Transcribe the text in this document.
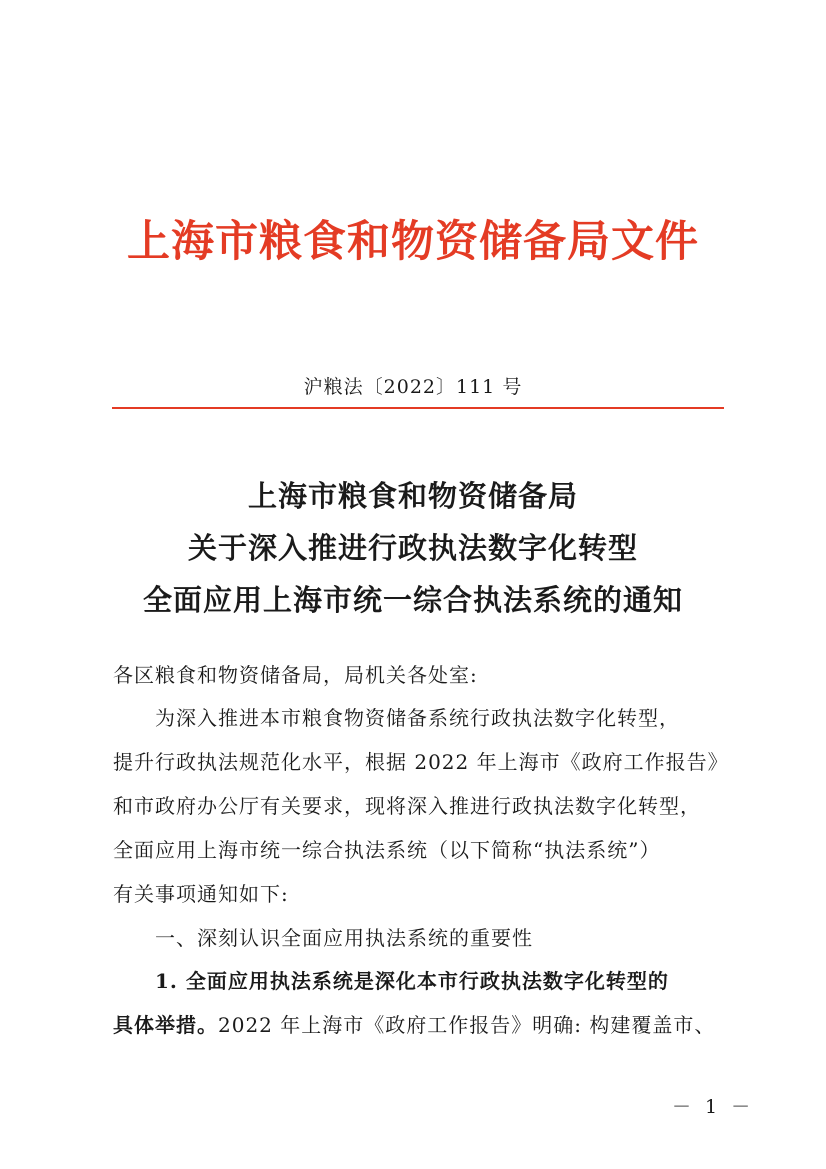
上海市粮食和物资储备局文件
沪粮法〔2022〕111 号
上海市粮食和物资储备局
关于深入推进行政执法数字化转型
全面应用上海市统一综合执法系统的通知
各区粮食和物资储备局，局机关各处室:
为深入推进本市粮食物资储备系统行政执法数字化转型，
提升行政执法规范化水平，根据 2022 年上海市《政府工作报告》
和市政府办公厅有关要求，现将深入推进行政执法数字化转型，
全面应用上海市统一综合执法系统（以下简称“执法系统”）
有关事项通知如下:
一、深刻认识全面应用执法系统的重要性
1. 全面应用执法系统是深化本市行政执法数字化转型的
具体举措。2022 年上海市《政府工作报告》明确: 构建覆盖市、
－ 1 －
